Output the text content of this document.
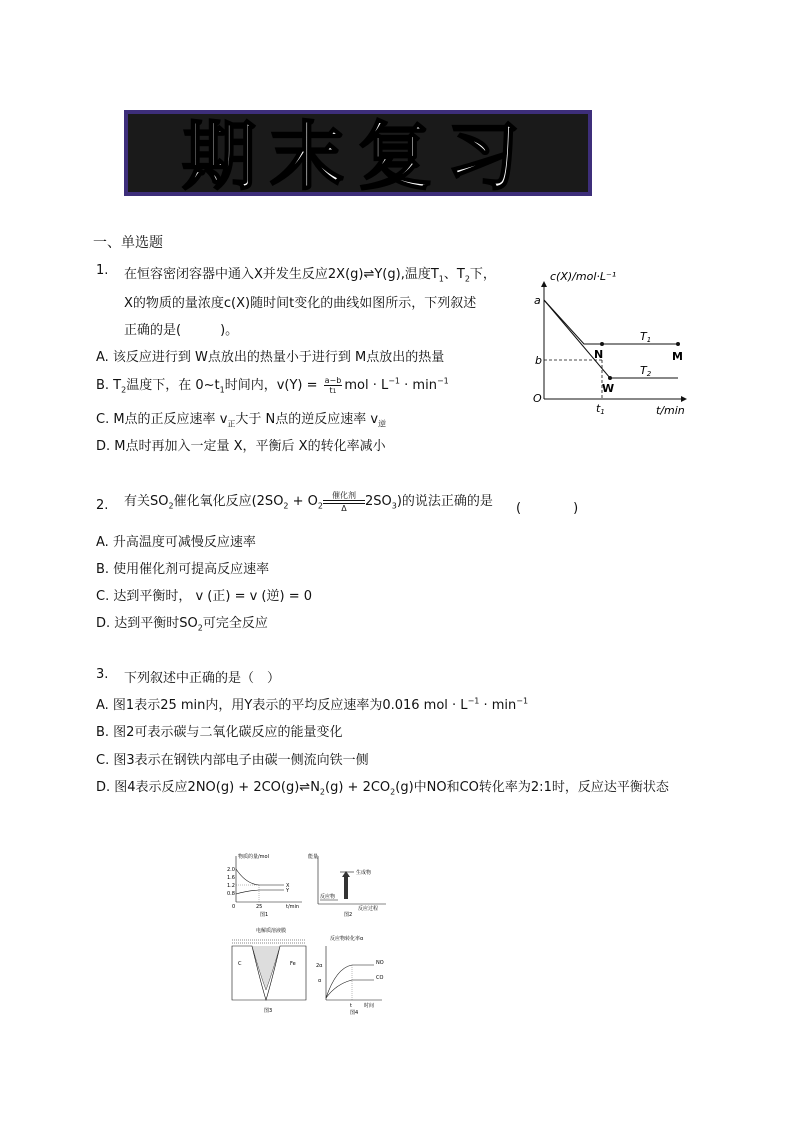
期末复习
一、单选题
1. 在恒容密闭容器中通入X并发生反应2X(g)⇌Y(g),温度$T_1$、$T_2$下，
X的物质的量浓度c(X)随时间t变化的曲线如图所示，下列叙述
正确的是(　　　)。
A. 该反应进行到 W点放出的热量小于进行到 M点放出的热量
B. $T_2$温度下，在 $0\sim t_1$时间内，$v(Y) = \frac{a-b}{t1}$ mol · $L^{-1} \cdot \min^{-1}$
C. M点的正反应速率 $v_正$大于 N点的逆反应速率 $v_逆$
D. M点时再加入一定量 X，平衡后 X的转化率减小
c(X)/mol·L⁻¹
a
b
O
N	M
W
T1
T2
t1	t/min
2. 有关$SO_2$催化氧化反应($2SO_2 + O_2$催化剂
Δ $2SO_3$)的说法正确的是 (　　　　)
A. 升高温度可减慢反应速率
B. 使用催化剂可提高反应速率
C. 达到平衡时， v (正) = v (逆) = 0
D. 达到平衡时$SO_2$可完全反应
3. 下列叙述中正确的是（　）
A. 图1表示25 min内，用Y表示的平均反应速率为0.016 mol · $L^{-1} \cdot \min^{-1}$
B. 图2可表示碳与二氧化碳反应的能量变化
C. 图3表示在钢铁内部电子由碳一侧流向铁一侧
D. 图4表示反应$2NO(g) + 2CO(g)\rightleftharpoons N_2(g) + 2CO_2(g)$中NO和CO转化率为2:1时，反应达平衡状态
物质的量/mol
2.0
1.6
1.2
0.8
0	25	t/min
X
Y
图1
能量
生成物
反应物
反应过程
图2
电解质溶液膜
C	Fe
图3
反应物转化率α
2α
α
NO
CO
t 时间
图4
